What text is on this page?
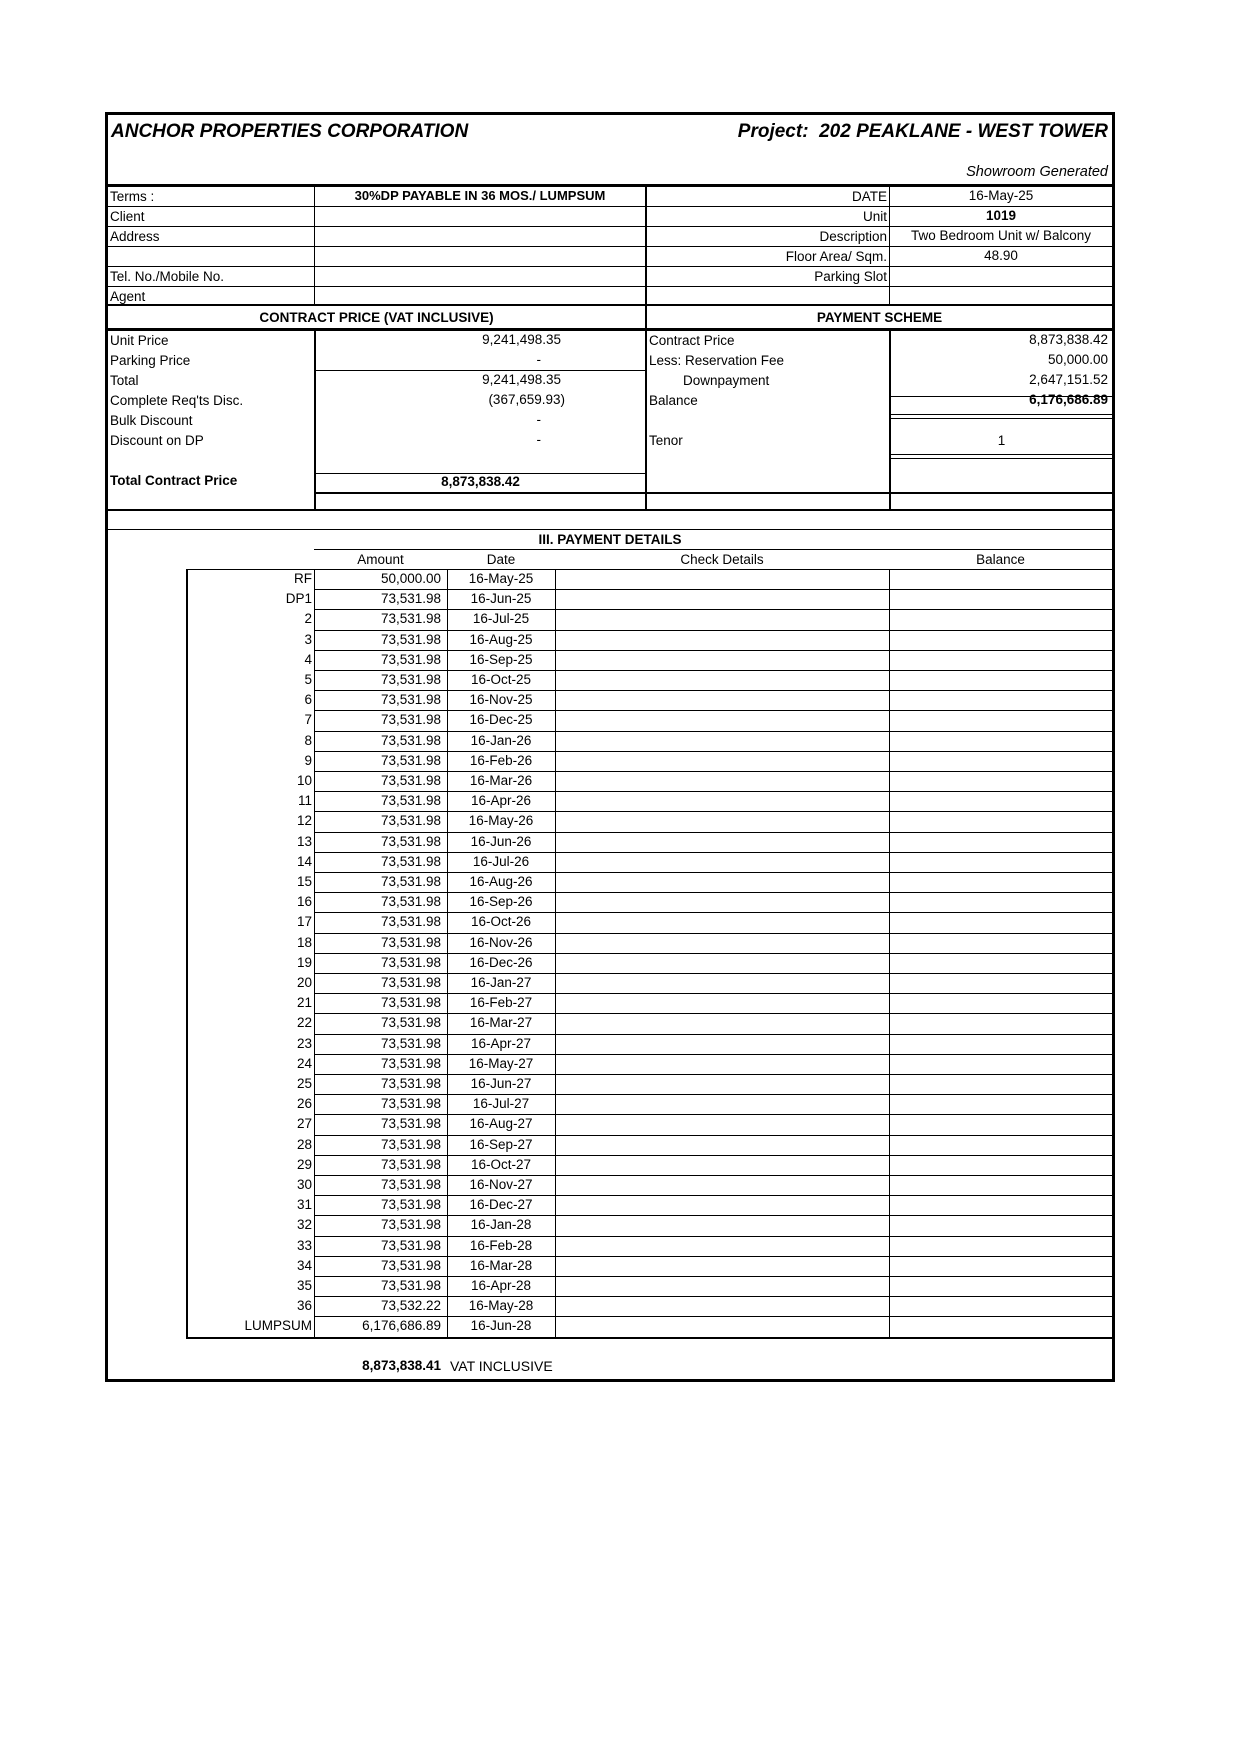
ANCHOR PROPERTIES CORPORATION	Project: 202 PEAKLANE - WEST TOWER
Showroom Generated
Terms :	30%DP PAYABLE IN 36 MOS./ LUMPSUM
Client
Address
Tel. No./Mobile No.
Agent
DATE	16-May-25
Unit	1019
Description	Two Bedroom Unit w/ Balcony
Floor Area/ Sqm.	48.90
Parking Slot
CONTRACT PRICE (VAT INCLUSIVE)	PAYMENT SCHEME
Unit Price	9,241,498.35
Parking Price	-
Total	9,241,498.35
Complete Req'ts Disc.	(367,659.93)
Bulk Discount	-
Discount on DP	-
Total Contract Price	8,873,838.42
Contract Price	8,873,838.42
Less: Reservation Fee	50,000.00
Downpayment	2,647,151.52
Balance	6,176,686.89
Tenor	1
III. PAYMENT DETAILS
Amount	Date	Check Details	Balance
RF	50,000.00	16-May-25
DP1	73,531.98	16-Jun-25
2	73,531.98	16-Jul-25
3	73,531.98	16-Aug-25
4	73,531.98	16-Sep-25
5	73,531.98	16-Oct-25
6	73,531.98	16-Nov-25
7	73,531.98	16-Dec-25
8	73,531.98	16-Jan-26
9	73,531.98	16-Feb-26
10	73,531.98	16-Mar-26
11	73,531.98	16-Apr-26
12	73,531.98	16-May-26
13	73,531.98	16-Jun-26
14	73,531.98	16-Jul-26
15	73,531.98	16-Aug-26
16	73,531.98	16-Sep-26
17	73,531.98	16-Oct-26
18	73,531.98	16-Nov-26
19	73,531.98	16-Dec-26
20	73,531.98	16-Jan-27
21	73,531.98	16-Feb-27
22	73,531.98	16-Mar-27
23	73,531.98	16-Apr-27
24	73,531.98	16-May-27
25	73,531.98	16-Jun-27
26	73,531.98	16-Jul-27
27	73,531.98	16-Aug-27
28	73,531.98	16-Sep-27
29	73,531.98	16-Oct-27
30	73,531.98	16-Nov-27
31	73,531.98	16-Dec-27
32	73,531.98	16-Jan-28
33	73,531.98	16-Feb-28
34	73,531.98	16-Mar-28
35	73,531.98	16-Apr-28
36	73,532.22	16-May-28
LUMPSUM	6,176,686.89	16-Jun-28
8,873,838.41 VAT INCLUSIVE
